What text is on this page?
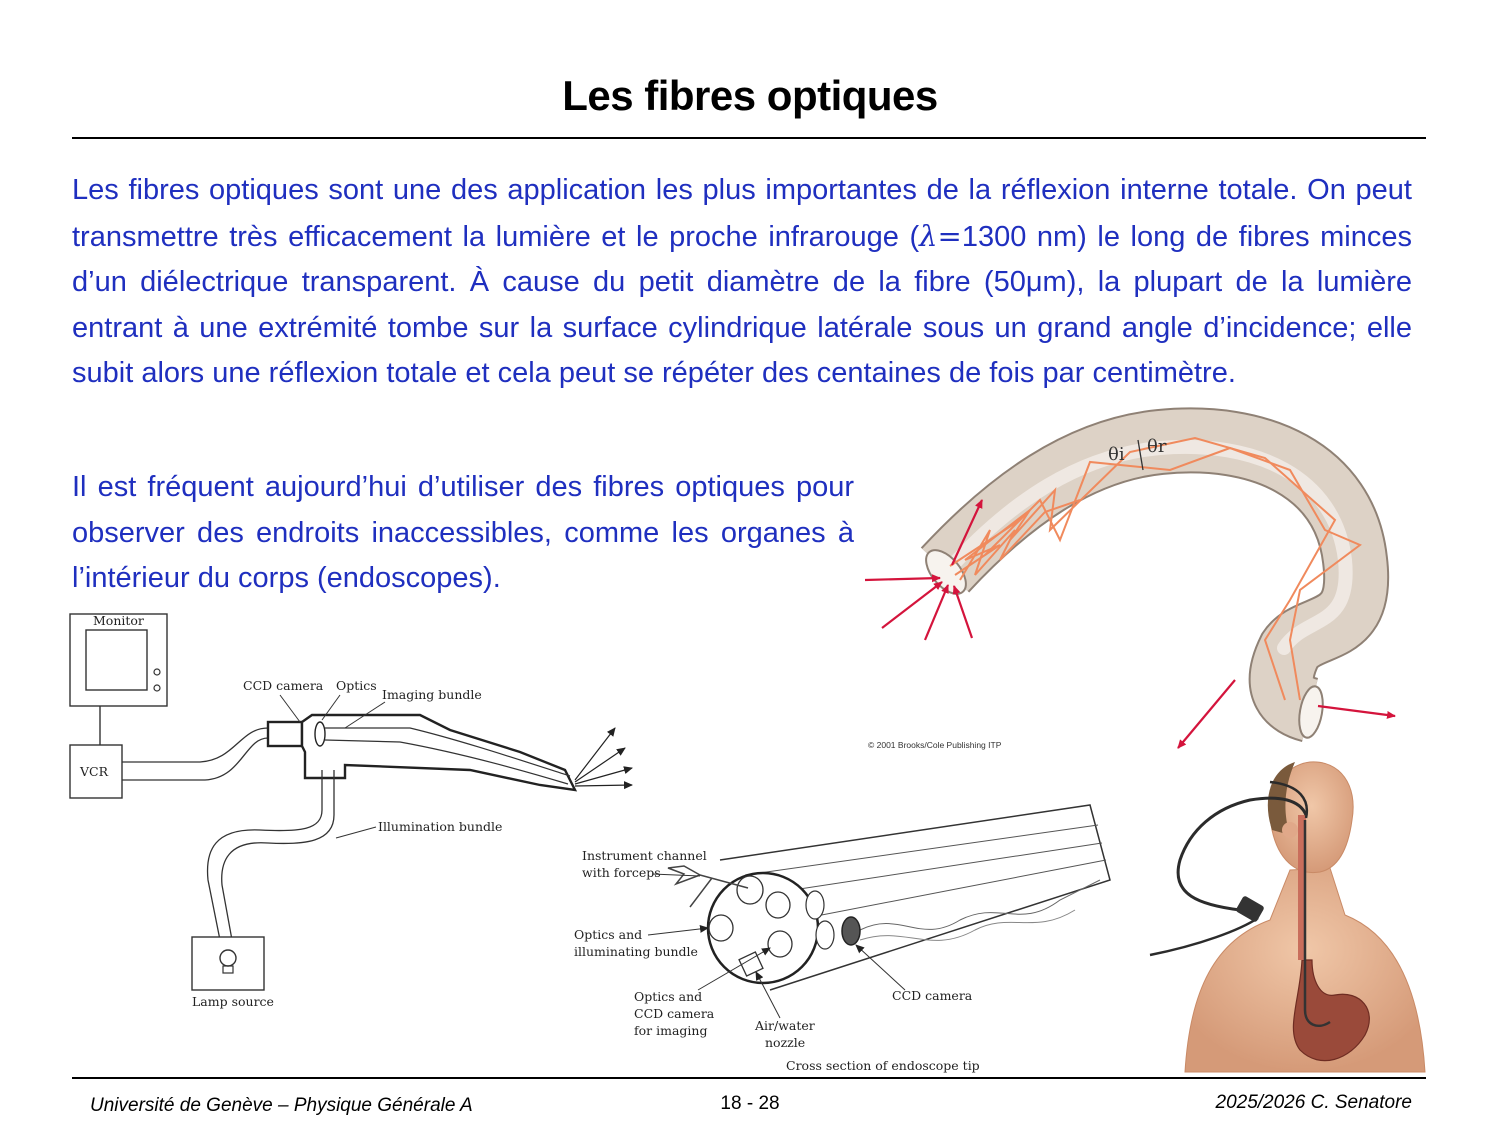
Les fibres optiques
Les fibres optiques sont une des application les plus importantes de la réflexion interne totale. On peut transmettre très efficacement la lumière et le proche infrarouge (λ=1300 nm) le long de fibres minces d’un diélectrique transparent. À cause du petit diamètre de la fibre (50μm), la plupart de la lumière entrant à une extrémité tombe sur la surface cylindrique latérale sous un grand angle d’incidence; elle subit alors une réflexion totale et cela peut se répéter des centaines de fois par centimètre.
Il est fréquent aujourd’hui d’utiliser des fibres optiques pour observer des endroits inaccessibles, comme les organes à l’intérieur du corps (endoscopes).
θi θr
© 2001 Brooks/Cole Publishing ITP
Monitor
VCR
CCD camera Optics
Imaging bundle
Illumination bundle
Lamp source
Instrument channel
with forceps
Optics and
illuminating bundle
Optics and
CCD camera
for imaging	Air/water
nozzle
CCD camera
Cross section of endoscope tip
Université de Genève – Physique Générale A	18 - 28	2025/2026 C. Senatore
